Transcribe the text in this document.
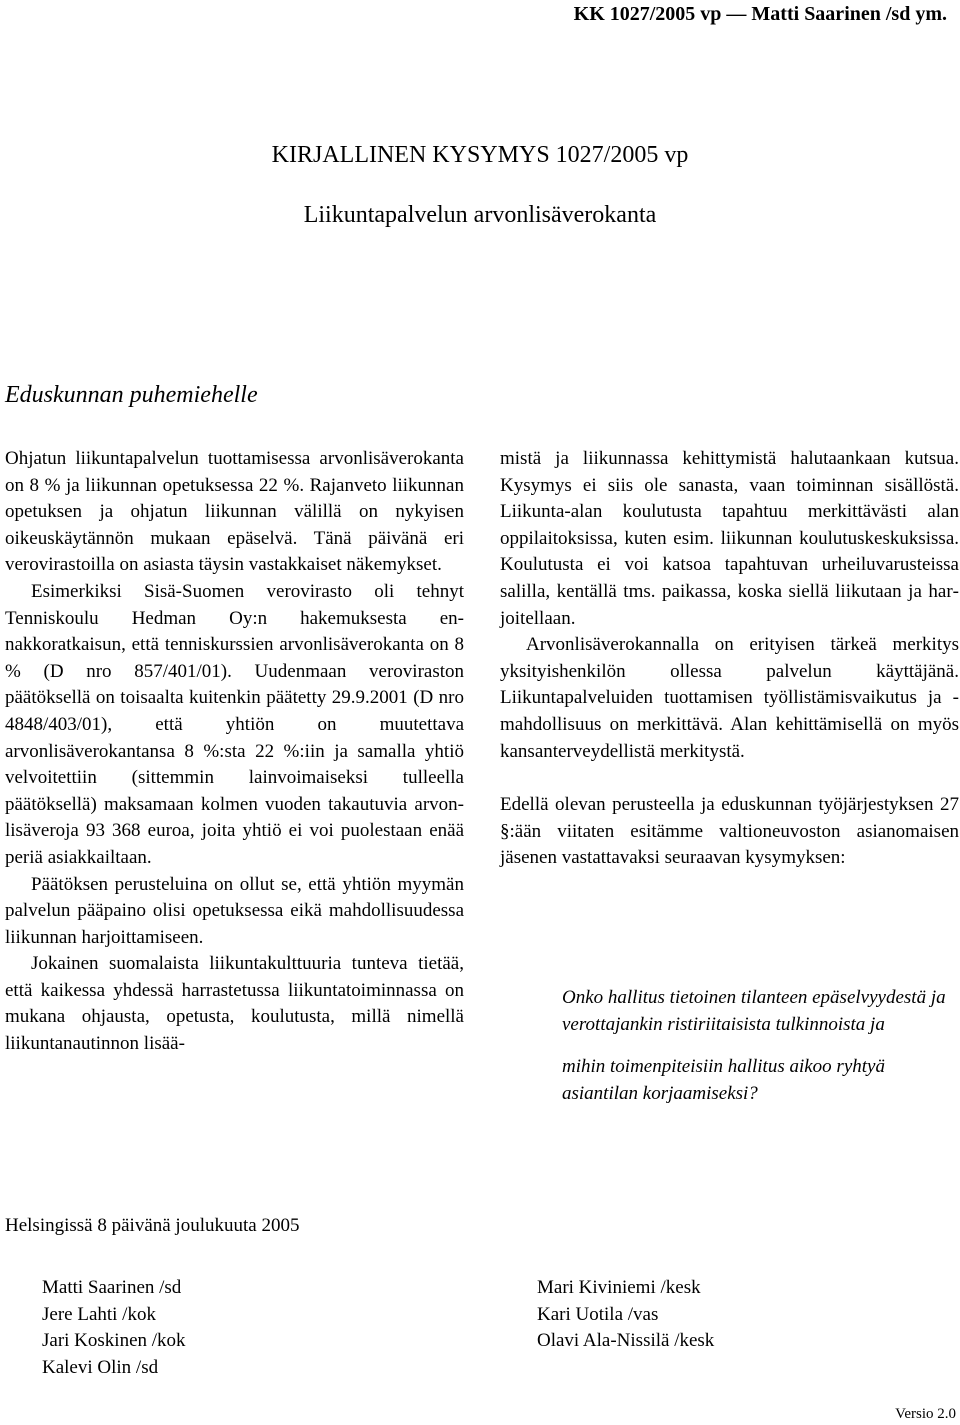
KK 1027/2005 vp — Matti Saarinen /sd ym.
KIRJALLINEN KYSYMYS 1027/2005 vp
Liikuntapalvelun arvonlisäverokanta
Eduskunnan puhemiehelle

Ohjatun liikuntapalvelun tuottamisessa arvonlisäverokanta on 8 % ja liikunnan opetuksessa 22 %. Rajanveto liikunnan opetuksen ja ohjatun liikunnan välillä on nykyisen oikeuskäytännön mukaan epäselvä. Tänä päivänä eri verovirastoilla on asiasta täysin vastakkaiset näkemykset.

Esimerkiksi Sisä-Suomen verovirasto oli tehnyt Tenniskoulu Hedman Oy:n hakemuksesta ennakkoratkaisun, että tenniskurssien arvonlisäverokanta on 8 % (D nro 857/401/01). Uudenmaan veroviraston päätöksellä on toisaalta kuitenkin päätetty 29.9.2001 (D nro 4848/403/01), että yhtiön on muutettava arvonlisäverokantansa 8 %:sta 22 %:iin ja samalla yhtiö velvoitettiin (sittemmin lainvoimaiseksi tulleella päätöksellä) maksamaan kolmen vuoden takautuvia arvonlisäveroja 93 368 euroa, joita yhtiö ei voi puolestaan enää periä asiakkailtaan.

Päätöksen perusteluina on ollut se, että yhtiön myymän palvelun pääpaino olisi opetuksessa eikä mahdollisuudessa liikunnan harjoittamiseen.

Jokainen suomalaista liikuntakulttuuria tunteva tietää, että kaikessa yhdessä harrastetussa liikuntatoiminnassa on mukana ohjausta, opetusta, koulutusta, millä nimellä liikuntanautinnon lisää-

mistä ja liikunnassa kehittymistä halutaankaan kutsua. Kysymys ei siis ole sanasta, vaan toiminnan sisällöstä. Liikunta-alan koulutusta tapahtuu merkittävästi alan oppilaitoksissa, kuten esim. liikunnan koulutuskeskuksissa. Koulutusta ei voi katsoa tapahtuvan urheiluvarusteissa salilla, kentällä tms. paikassa, koska siellä liikutaan ja harjoitellaan.

Arvonlisäverokannalla on erityisen tärkeä merkitys yksityishenkilön ollessa palvelun käyttäjänä. Liikuntapalveluiden tuottamisen työllistämisvaikutus ja -mahdollisuus on merkittävä. Alan kehittämisellä on myös kansanterveydellistä merkitystä.

Edellä olevan perusteella ja eduskunnan työjärjestyksen 27 §:ään viitaten esitämme valtioneuvoston asianomaisen jäsenen vastattavaksi seuraavan kysymyksen:

Onko hallitus tietoinen tilanteen epäselvyydestä ja verottajankin ristiriitaisista tulkinnoista ja

mihin toimenpiteisiin hallitus aikoo ryhtyä asiantilan korjaamiseksi?

Helsingissä 8 päivänä joulukuuta 2005
Matti Saarinen /sd
Jere Lahti /kok
Jari Koskinen /kok
Kalevi Olin /sd
Mari Kiviniemi /kesk
Kari Uotila /vas
Olavi Ala-Nissilä /kesk
Versio 2.0
